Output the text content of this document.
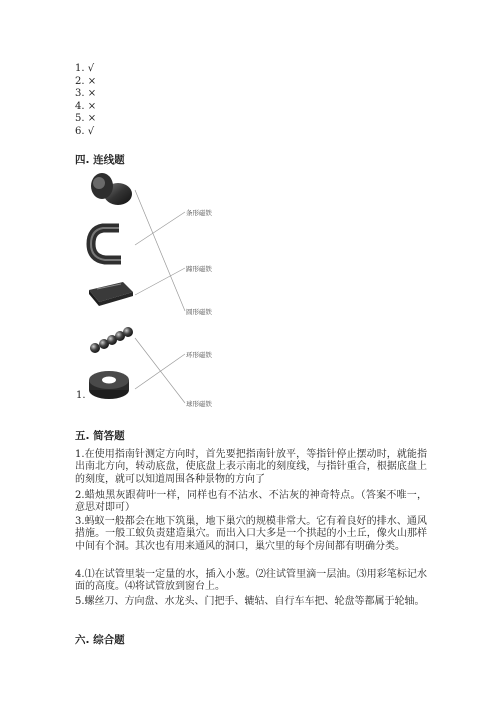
1. √
2. ×
3. ×
4. ×
5. ×
6. √
四. 连线题
条形磁铁
蹄形磁铁
圆形磁铁
环形磁铁
球形磁铁
1.
五. 简答题
1.在使用指南针测定方向时，首先要把指南针放平，等指针停止摆动时，就能指出南北方向，转动底盘，使底盘上表示南北的刻度线，与指针重合，根据底盘上的刻度，就可以知道周围各种景物的方向了
2.蜡烛黑灰跟荷叶一样，同样也有不沾水、不沾灰的神奇特点。（答案不唯一，意思对即可）
3.蚂蚁一般都会在地下筑巢，地下巢穴的规模非常大。它有着良好的排水、通风措施。一般工蚁负责建造巢穴。而出入口大多是一个拱起的小土丘，像火山那样中间有个洞。其次也有用来通风的洞口，巢穴里的每个房间都有明确分类。
4.⑴在试管里装一定量的水，插入小葱。⑵往试管里滴一层油。⑶用彩笔标记水面的高度。⑷将试管放到窗台上。
5.螺丝刀、方向盘、水龙头、门把手、辘轱、自行车车把、轮盘等都属于轮轴。
六. 综合题
